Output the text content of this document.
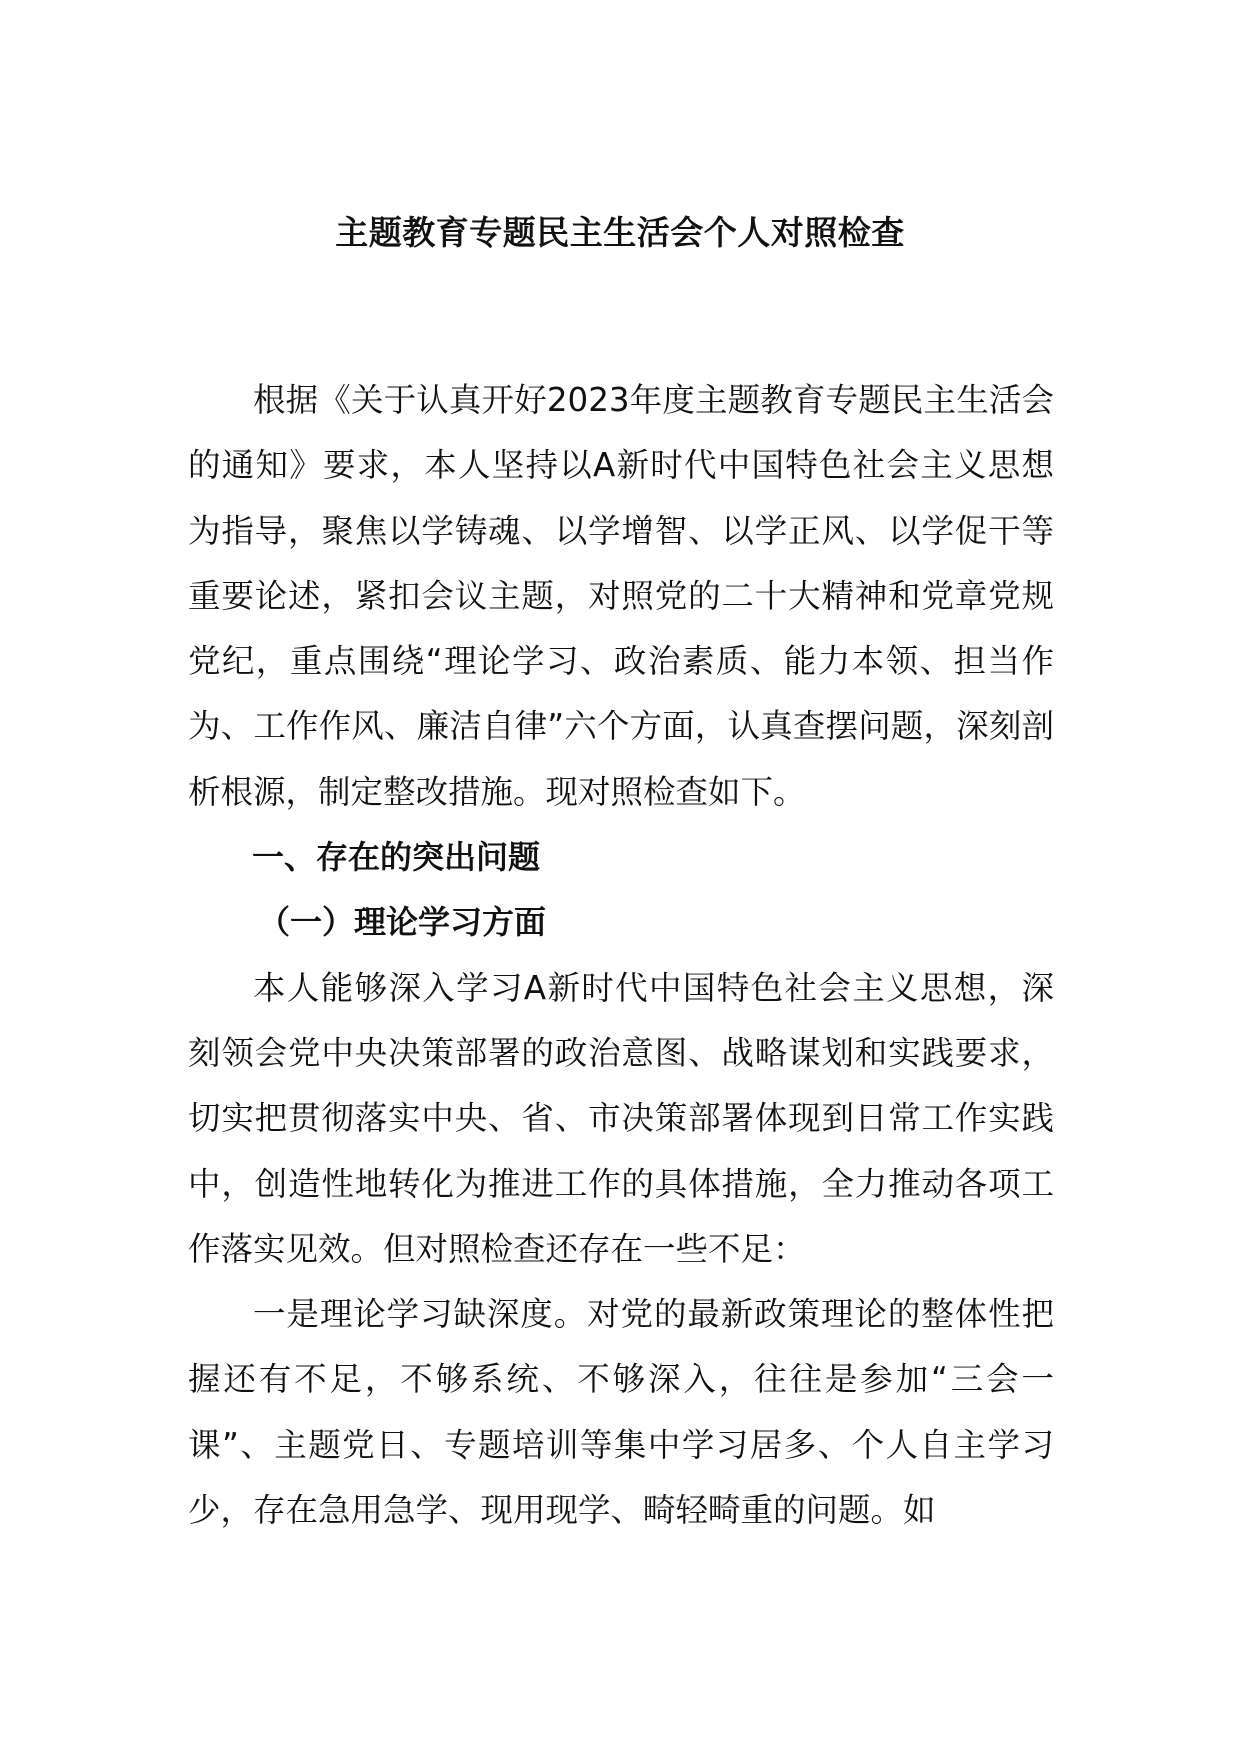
主题教育专题民主生活会个人对照检查

根据《关于认真开好2023年度主题教育专题民主生活会的通知》要求，本人坚持以A新时代中国特色社会主义思想为指导，聚焦以学铸魂、以学增智、以学正风、以学促干等重要论述，紧扣会议主题，对照党的二十大精神和党章党规党纪，重点围绕“理论学习、政治素质、能力本领、担当作为、工作作风、廉洁自律”六个方面，认真查摆问题，深刻剖析根源，制定整改措施。现对照检查如下。

一、存在的突出问题
（一）理论学习方面

本人能够深入学习A新时代中国特色社会主义思想，深刻领会党中央决策部署的政治意图、战略谋划和实践要求，切实把贯彻落实中央、省、市决策部署体现到日常工作实践中，创造性地转化为推进工作的具体措施，全力推动各项工作落实见效。但对照检查还存在一些不足：

一是理论学习缺深度。对党的最新政策理论的整体性把握还有不足，不够系统、不够深入，往往是参加“三会一课”、主题党日、专题培训等集中学习居多、个人自主学习少，存在急用急学、现用现学、畸轻畸重的问题。如
